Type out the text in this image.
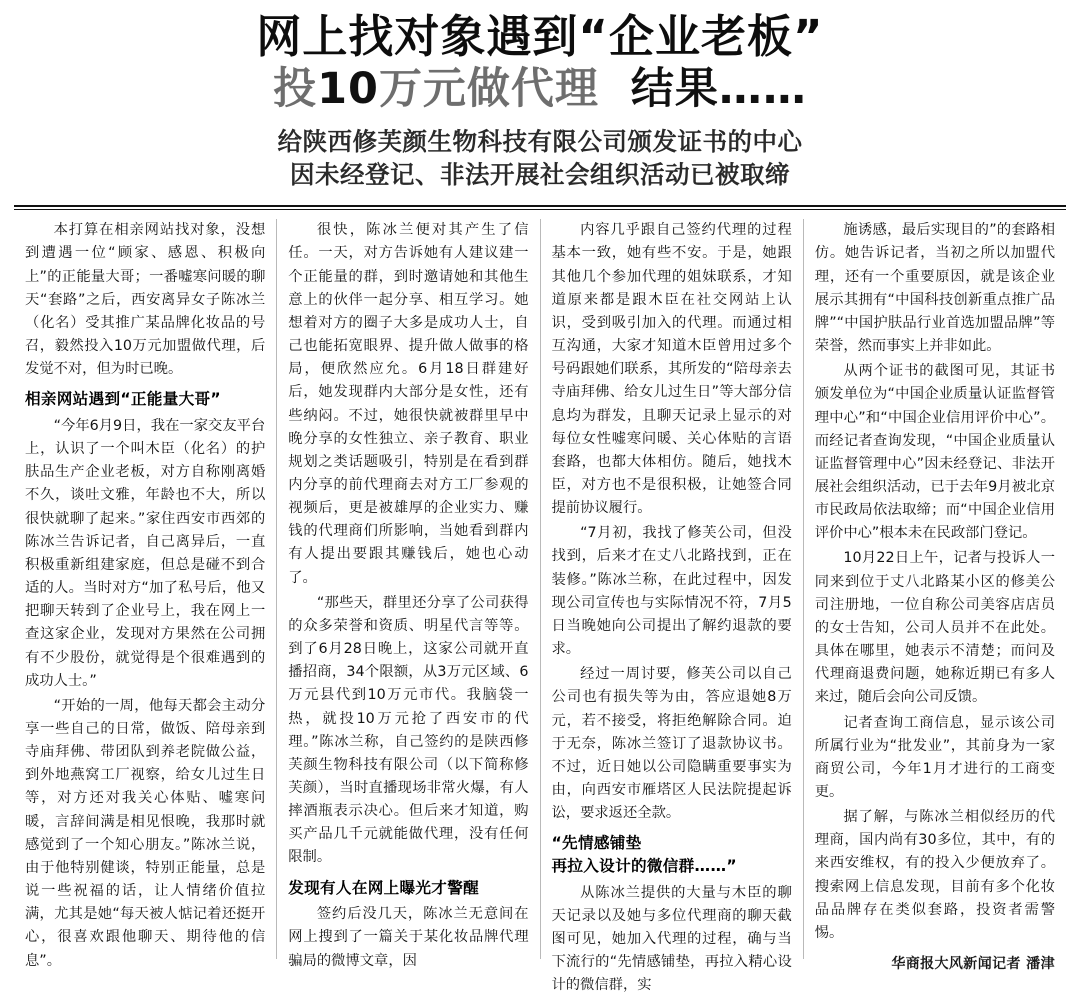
网上找对象遇到“企业老板”
投10万元做代理 结果……
给陕西修芙颜生物科技有限公司颁发证书的中心
因未经登记、非法开展社会组织活动已被取缔

本打算在相亲网站找对象，没想到遭遇一位“顾家、感恩、积极向上”的正能量大哥；一番嘘寒问暖的聊天“套路”之后，西安离异女子陈冰兰（化名）受其推广某品牌化妆品的号召，毅然投入10万元加盟做代理，后发觉不对，但为时已晚。

相亲网站遇到“正能量大哥”

“今年6月9日，我在一家交友平台上，认识了一个叫木臣（化名）的护肤品生产企业老板，对方自称刚离婚不久，谈吐文雅，年龄也不大，所以很快就聊了起来。”家住西安市西郊的陈冰兰告诉记者，自己离异后，一直积极重新组建家庭，但总是碰不到合适的人。当时对方“加了私号后，他又把聊天转到了企业号上，我在网上一查这家企业，发现对方果然在公司拥有不少股份，就觉得是个很难遇到的成功人士。”

“开始的一周，他每天都会主动分享一些自己的日常，做饭、陪母亲到寺庙拜佛、带团队到养老院做公益，到外地燕窝工厂视察，给女儿过生日等，对方还对我关心体贴、嘘寒问暖，言辞间满是相见恨晚，我那时就感觉到了一个知心朋友。”陈冰兰说，由于他特别健谈，特别正能量，总是说一些祝福的话，让人情绪价值拉满，尤其是她“每天被人惦记着还挺开心，很喜欢跟他聊天、期待他的信息”。

很快，陈冰兰便对其产生了信任。一天，对方告诉她有人建议建一个正能量的群，到时邀请她和其他生意上的伙伴一起分享、相互学习。她想着对方的圈子大多是成功人士，自己也能拓宽眼界、提升做人做事的格局，便欣然应允。6月18日群建好后，她发现群内大部分是女性，还有些纳闷。不过，她很快就被群里早中晚分享的女性独立、亲子教育、职业规划之类话题吸引，特别是在看到群内分享的前代理商去对方工厂参观的视频后，更是被雄厚的企业实力、赚钱的代理商们所影响，当她看到群内有人提出要跟其赚钱后，她也心动了。

“那些天，群里还分享了公司获得的众多荣誉和资质、明星代言等等。到了6月28日晚上，这家公司就开直播招商，34个限额，从3万元区域、6万元县代到10万元市代。我脑袋一热，就投10万元抢了西安市的代理。”陈冰兰称，自己签约的是陕西修芙颜生物科技有限公司（以下简称修芙颜），当时直播现场非常火爆，有人摔酒瓶表示决心。但后来才知道，购买产品几千元就能做代理，没有任何限制。

发现有人在网上曝光才警醒

签约后没几天，陈冰兰无意间在网上搜到了一篇关于某化妆品牌代理骗局的微博文章，因

内容几乎跟自己签约代理的过程基本一致，她有些不安。于是，她跟其他几个参加代理的姐妹联系，才知道原来都是跟木臣在社交网站上认识，受到吸引加入的代理。而通过相互沟通，大家才知道木臣曾用过多个号码跟她们联系，其所发的“陪母亲去寺庙拜佛、给女儿过生日”等大部分信息均为群发，且聊天记录上显示的对每位女性嘘寒问暖、关心体贴的言语套路，也都大体相仿。随后，她找木臣，对方也不是很积极，让她签合同提前协议履行。

“7月初，我找了修芙公司，但没找到，后来才在丈八北路找到，正在装修。”陈冰兰称，在此过程中，因发现公司宣传也与实际情况不符，7月5日当晚她向公司提出了解约退款的要求。

经过一周讨要，修芙公司以自己公司也有损失等为由，答应退她8万元，若不接受，将拒绝解除合同。迫于无奈，陈冰兰签订了退款协议书。不过，近日她以公司隐瞒重要事实为由，向西安市雁塔区人民法院提起诉讼，要求返还全款。

“先情感铺垫
再拉入设计的微信群……”

从陈冰兰提供的大量与木臣的聊天记录以及她与多位代理商的聊天截图可见，她加入代理的过程，确与当下流行的“先情感铺垫，再拉入精心设计的微信群，实

施诱感，最后实现目的”的套路相仿。她告诉记者，当初之所以加盟代理，还有一个重要原因，就是该企业展示其拥有“中国科技创新重点推广品牌”“中国护肤品行业首选加盟品牌”等荣誉，然而事实上并非如此。

从两个证书的截图可见，其证书颁发单位为“中国企业质量认证监督管理中心”和“中国企业信用评价中心”。而经记者查询发现，“中国企业质量认证监督管理中心”因未经登记、非法开展社会组织活动，已于去年9月被北京市民政局依法取缔；而“中国企业信用评价中心”根本未在民政部门登记。

10月22日上午，记者与投诉人一同来到位于丈八北路某小区的修美公司注册地，一位自称公司美容店店员的女士告知，公司人员并不在此处。具体在哪里，她表示不清楚；而问及代理商退费问题，她称近期已有多人来过，随后会向公司反馈。

记者查询工商信息，显示该公司所属行业为“批发业”，其前身为一家商贸公司，今年1月才进行的工商变更。

据了解，与陈冰兰相似经历的代理商，国内尚有30多位，其中，有的来西安维权，有的投入少便放弃了。搜索网上信息发现，目前有多个化妆品品牌存在类似套路，投资者需警惕。

华商报大风新闻记者 潘津
